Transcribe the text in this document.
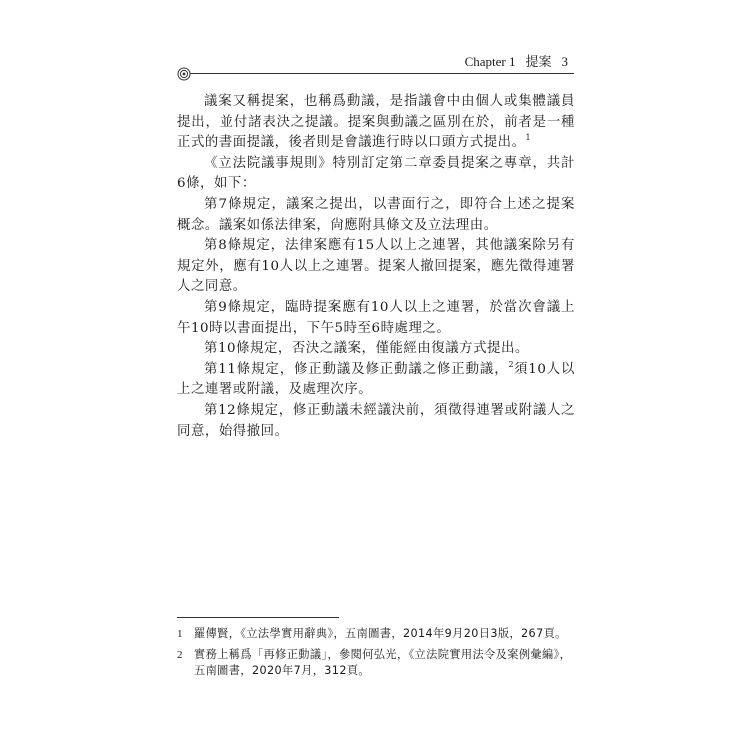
Chapter 1 提案 3

議案又稱提案，也稱爲動議，是指議會中由個人或集體議員提出，並付諸表決之提議。提案與動議之區別在於，前者是一種正式的書面提議，後者則是會議進行時以口頭方式提出。$^1$

《立法院議事規則》特別訂定第二章委員提案之專章，共計6條，如下：

第7條規定，議案之提出，以書面行之，即符合上述之提案概念。議案如係法律案，尙應附具條文及立法理由。

第8條規定，法律案應有15人以上之連署，其他議案除另有規定外，應有10人以上之連署。提案人撤回提案，應先徵得連署人之同意。

第9條規定，臨時提案應有10人以上之連署，於當次會議上午10時以書面提出，下午5時至6時處理之。

第10條規定，否決之議案，僅能經由復議方式提出。

第11條規定，修正動議及修正動議之修正動議，$^2$須10人以上之連署或附議，及處理次序。

第12條規定，修正動議未經議決前，須徵得連署或附議人之同意，始得撤回。

1 羅傳賢，《立法學實用辭典》，五南圖書，2014年9月20日3版，267頁。
2 實務上稱爲「再修正動議」，參閱何弘光，《立法院實用法令及案例彙編》，五南圖書，2020年7月，312頁。
